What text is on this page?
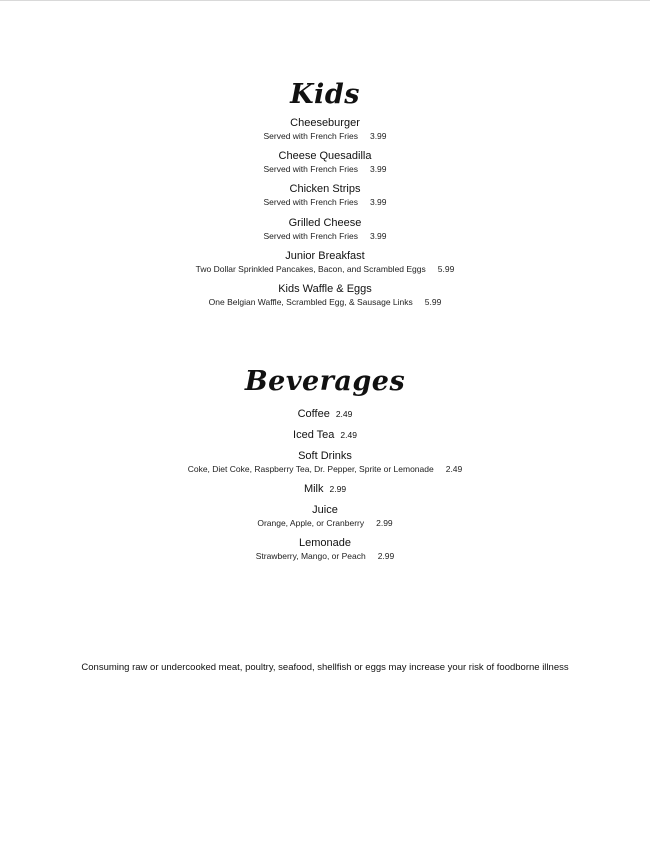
Kids
Cheeseburger
Served with French Fries 3.99
Cheese Quesadilla
Served with French Fries 3.99
Chicken Strips
Served with French Fries 3.99
Grilled Cheese
Served with French Fries 3.99
Junior Breakfast
Two Dollar Sprinkled Pancakes, Bacon, and Scrambled Eggs 5.99
Kids Waffle & Eggs
One Belgian Waffle, Scrambled Egg, & Sausage Links 5.99
Beverages
Coffee 2.49
Iced Tea 2.49
Soft Drinks
Coke, Diet Coke, Raspberry Tea, Dr. Pepper, Sprite or Lemonade 2.49
Milk 2.99
Juice
Orange, Apple, or Cranberry 2.99
Lemonade
Strawberry, Mango, or Peach 2.99
Consuming raw or undercooked meat, poultry, seafood, shellfish or eggs may increase your risk of foodborne illness
